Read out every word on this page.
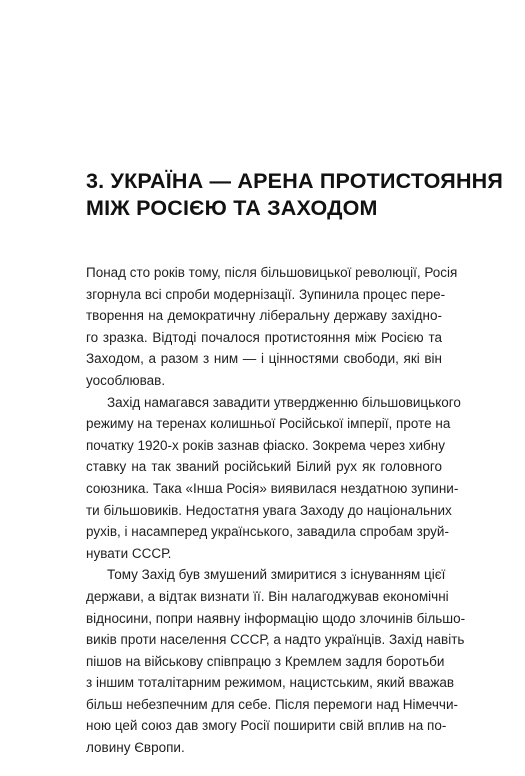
3. УКРАЇНА — АРЕНА ПРОТИСТОЯННЯ
МІЖ РОСІЄЮ ТА ЗАХОДОМ
Понад сто років тому, після більшовицької революції, Росія
згорнула всі спроби модернізації. Зупинила процес пере-
творення на демократичну ліберальну державу західно-
го зразка. Відтоді почалося протистояння між Росією та
Заходом, а разом з ним — і цінностями свободи, які він
уособлював.
Захід намагався завадити утвердженню більшовицького
режиму на теренах колишньої Російської імперії, проте на
початку 1920-х років зазнав фіаско. Зокрема через хибну
ставку на так званий російський Білий рух як головного
союзника. Така «Інша Росія» виявилася нездатною зупини-
ти більшовиків. Недостатня увага Заходу до національних
рухів, і насамперед українського, завадила спробам зруй-
нувати СССР.
Тому Захід був змушений змиритися з існуванням цієї
держави, а відтак визнати її. Він налагоджував економічні
відносини, попри наявну інформацію щодо злочинів більшо-
виків проти населення СССР, а надто українців. Захід навіть
пішов на військову співпрацю з Кремлем задля боротьби
з іншим тоталітарним режимом, нацистським, який вважав
більш небезпечним для себе. Після перемоги над Німеччи-
ною цей союз дав змогу Росії поширити свій вплив на по-
ловину Європи.
